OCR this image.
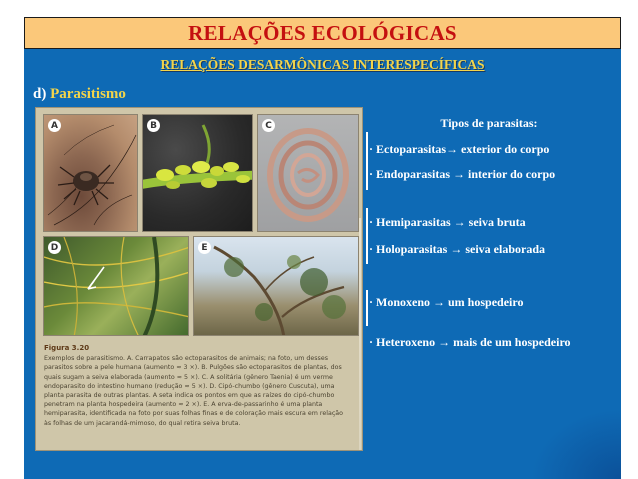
RELAÇÕES ECOLÓGICAS
RELAÇÕES DESARMÔNICAS INTERESPECÍFICAS
d) Parasitismo
A	B	C
D	E
Figura 3.20
Exemplos de parasitismo. A. Carrapatos são ectoparasitos de animais; na foto, um desses parasitos sobre a pele humana (aumento ≈ 3 ×). B. Pulgões são ectoparasitos de plantas, dos quais sugam a seiva elaborada (aumento ≈ 5 ×). C. A solitária (gênero Taenia) é um verme endoparasito do intestino humano (redução ≈ 5 ×). D. Cipó-chumbo (gênero Cuscuta), uma planta parasita de outras plantas. A seta indica os pontos em que as raízes do cipó-chumbo penetram na planta hospedeira (aumento ≈ 2 ×). E. A erva-de-passarinho é uma planta hemiparasita, identificada na foto por suas folhas finas e de coloração mais escura em relação às folhas de um jacarandá-mimoso, do qual retira seiva bruta.
Tipos de parasitas:
· Ectoparasitas→ exterior do corpo
· Endoparasitas → interior do corpo
· Hemiparasitas → seiva bruta
· Holoparasitas → seiva elaborada
· Monoxeno → um hospedeiro
· Heteroxeno → mais de um hospedeiro
